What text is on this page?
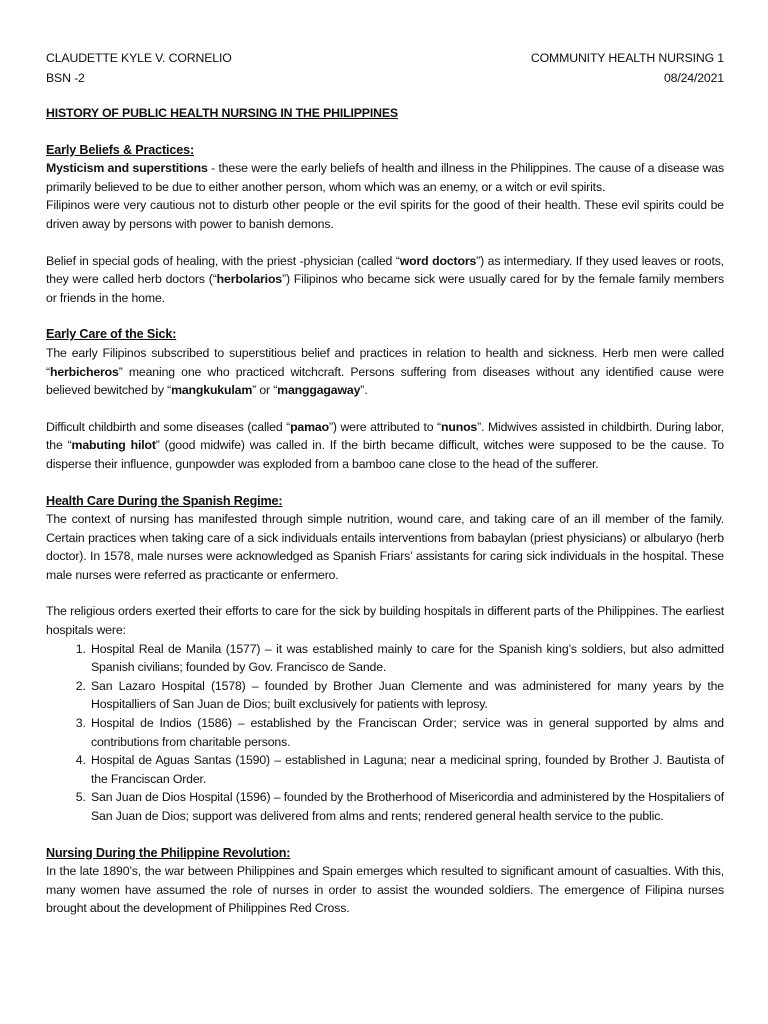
CLAUDETTE KYLE V. CORNELIO	COMMUNITY HEALTH NURSING 1
BSN -2	08/24/2021
HISTORY OF PUBLIC HEALTH NURSING IN THE PHILIPPINES
Early Beliefs & Practices:

Mysticism and superstitions - these were the early beliefs of health and illness in the Philippines. The cause of a disease was primarily believed to be due to either another person, whom which was an enemy, or a witch or evil spirits.

Filipinos were very cautious not to disturb other people or the evil spirits for the good of their health. These evil spirits could be driven away by persons with power to banish demons.

Belief in special gods of healing, with the priest -physician (called “word doctors”) as intermediary. If they used leaves or roots, they were called herb doctors (“herbolarios”) Filipinos who became sick were usually cared for by the female family members or friends in the home.

Early Care of the Sick:

The early Filipinos subscribed to superstitious belief and practices in relation to health and sickness. Herb men were called “herbicheros” meaning one who practiced witchcraft. Persons suffering from diseases without any identified cause were believed bewitched by “mangkukulam” or “manggagaway”.

Difficult childbirth and some diseases (called “pamao”) were attributed to “nunos”. Midwives assisted in childbirth. During labor, the “mabuting hilot” (good midwife) was called in. If the birth became difficult, witches were supposed to be the cause. To disperse their influence, gunpowder was exploded from a bamboo cane close to the head of the sufferer.

Health Care During the Spanish Regime:

The context of nursing has manifested through simple nutrition, wound care, and taking care of an ill member of the family. Certain practices when taking care of a sick individuals entails interventions from babaylan (priest physicians) or albularyo (herb doctor). In 1578, male nurses were acknowledged as Spanish Friars’ assistants for caring sick individuals in the hospital. These male nurses were referred as practicante or enfermero.

The religious orders exerted their efforts to care for the sick by building hospitals in different parts of the Philippines. The earliest hospitals were:

1. Hospital Real de Manila (1577) – it was established mainly to care for the Spanish king’s soldiers, but also admitted Spanish civilians; founded by Gov. Francisco de Sande.
2. San Lazaro Hospital (1578) – founded by Brother Juan Clemente and was administered for many years by the Hospitalliers of San Juan de Dios; built exclusively for patients with leprosy.
3. Hospital de Indios (1586) – established by the Franciscan Order; service was in general supported by alms and contributions from charitable persons.
4. Hospital de Aguas Santas (1590) – established in Laguna; near a medicinal spring, founded by Brother J. Bautista of the Franciscan Order.
5. San Juan de Dios Hospital (1596) – founded by the Brotherhood of Misericordia and administered by the Hospitaliers of San Juan de Dios; support was delivered from alms and rents; rendered general health service to the public.
Nursing During the Philippine Revolution:

In the late 1890’s, the war between Philippines and Spain emerges which resulted to significant amount of casualties. With this, many women have assumed the role of nurses in order to assist the wounded soldiers. The emergence of Filipina nurses brought about the development of Philippines Red Cross.
